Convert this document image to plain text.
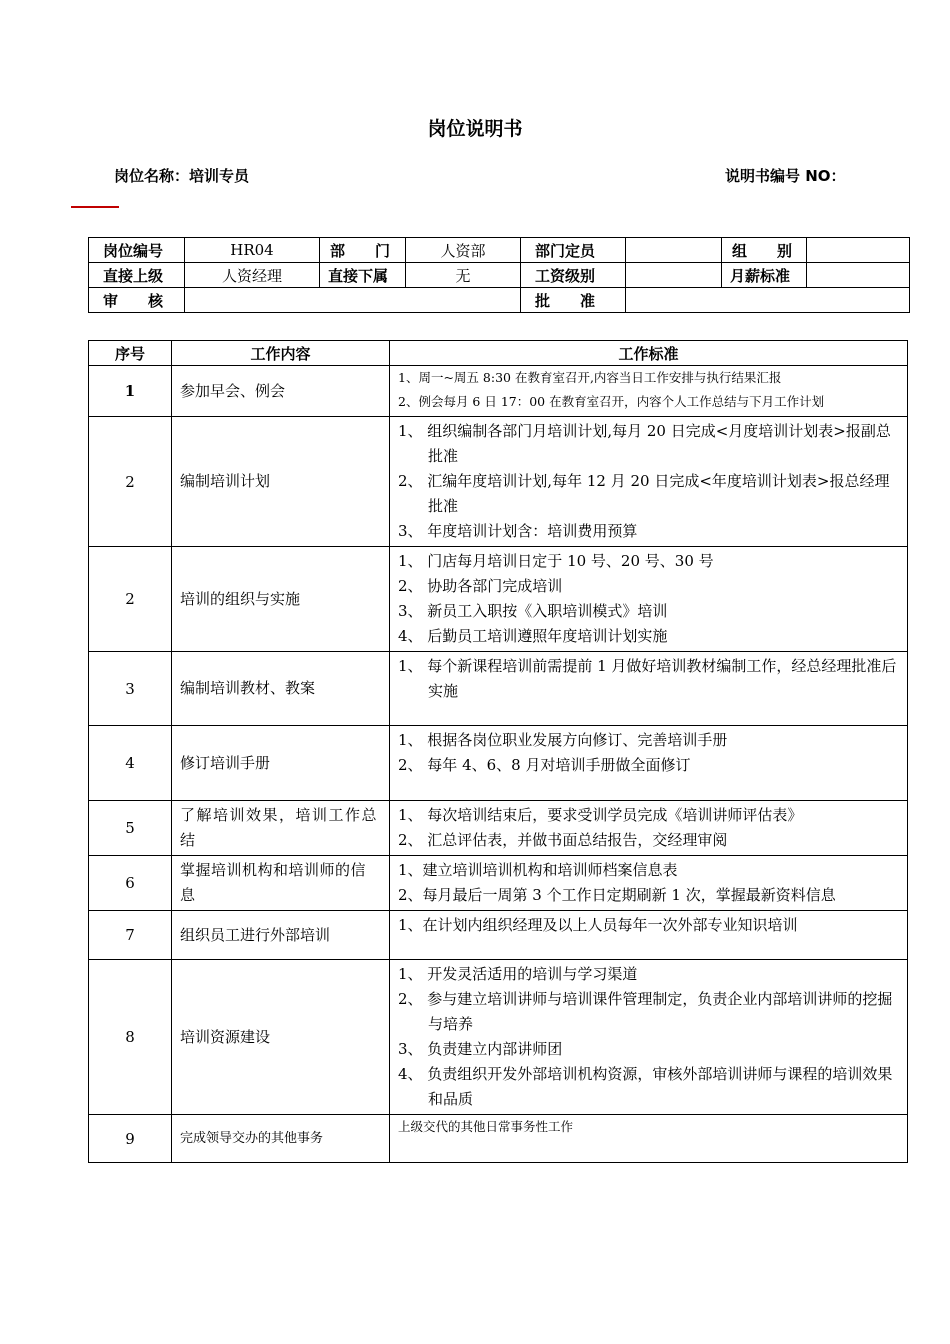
岗位说明书
岗位名称：培训专员	说明书编号 NO：
岗位编号	HR04	部　　门	人资部	部门定员		组　　别	
直接上级	人资经理	直接下属	无	工资级别		月薪标准	
审　　核				批　　准			
序号	工作内容	工作标准
1	参加早会、例会	1、周一~周五 8:30 在教育室召开,内容当日工作安排与执行结果汇报
2、例会每月 6 日 17：00 在教育室召开，内容个人工作总结与下月工作计划

2	编制培训计划	1、 组织编制各部门月培训计划,每月 20 日完成<月度培训计划表>报副总批准
2、 汇编年度培训计划,每年 12 月 20 日完成<年度培训计划表>报总经理批准
3、 年度培训计划含：培训费用预算

2	培训的组织与实施	1、 门店每月培训日定于 10 号、20 号、30 号
2、 协助各部门完成培训
3、 新员工入职按《入职培训模式》培训
4、 后勤员工培训遵照年度培训计划实施

3	编制培训教材、教案	1、 每个新课程培训前需提前 1 月做好培训教材编制工作，经总经理批准后实施

4	修订培训手册	1、 根据各岗位职业发展方向修订、完善培训手册
2、 每年 4、6、8 月对培训手册做全面修订

5	了解培训效果，培训工作总结	1、 每次培训结束后，要求受训学员完成《培训讲师评估表》
2、 汇总评估表，并做书面总结报告，交经理审阅

6	掌握培训机构和培训师的信息	1、建立培训培训机构和培训师档案信息表
2、每月最后一周第 3 个工作日定期刷新 1 次，掌握最新资料信息

7	组织员工进行外部培训	1、在计划内组织经理及以上人员每年一次外部专业知识培训

8	培训资源建设	1、 开发灵活适用的培训与学习渠道
2、 参与建立培训讲师与培训课件管理制定，负责企业内部培训讲师的挖掘与培养
3、 负责建立内部讲师团
4、 负责组织开发外部培训机构资源，审核外部培训讲师与课程的培训效果和品质

9	完成领导交办的其他事务	上级交代的其他日常事务性工作
